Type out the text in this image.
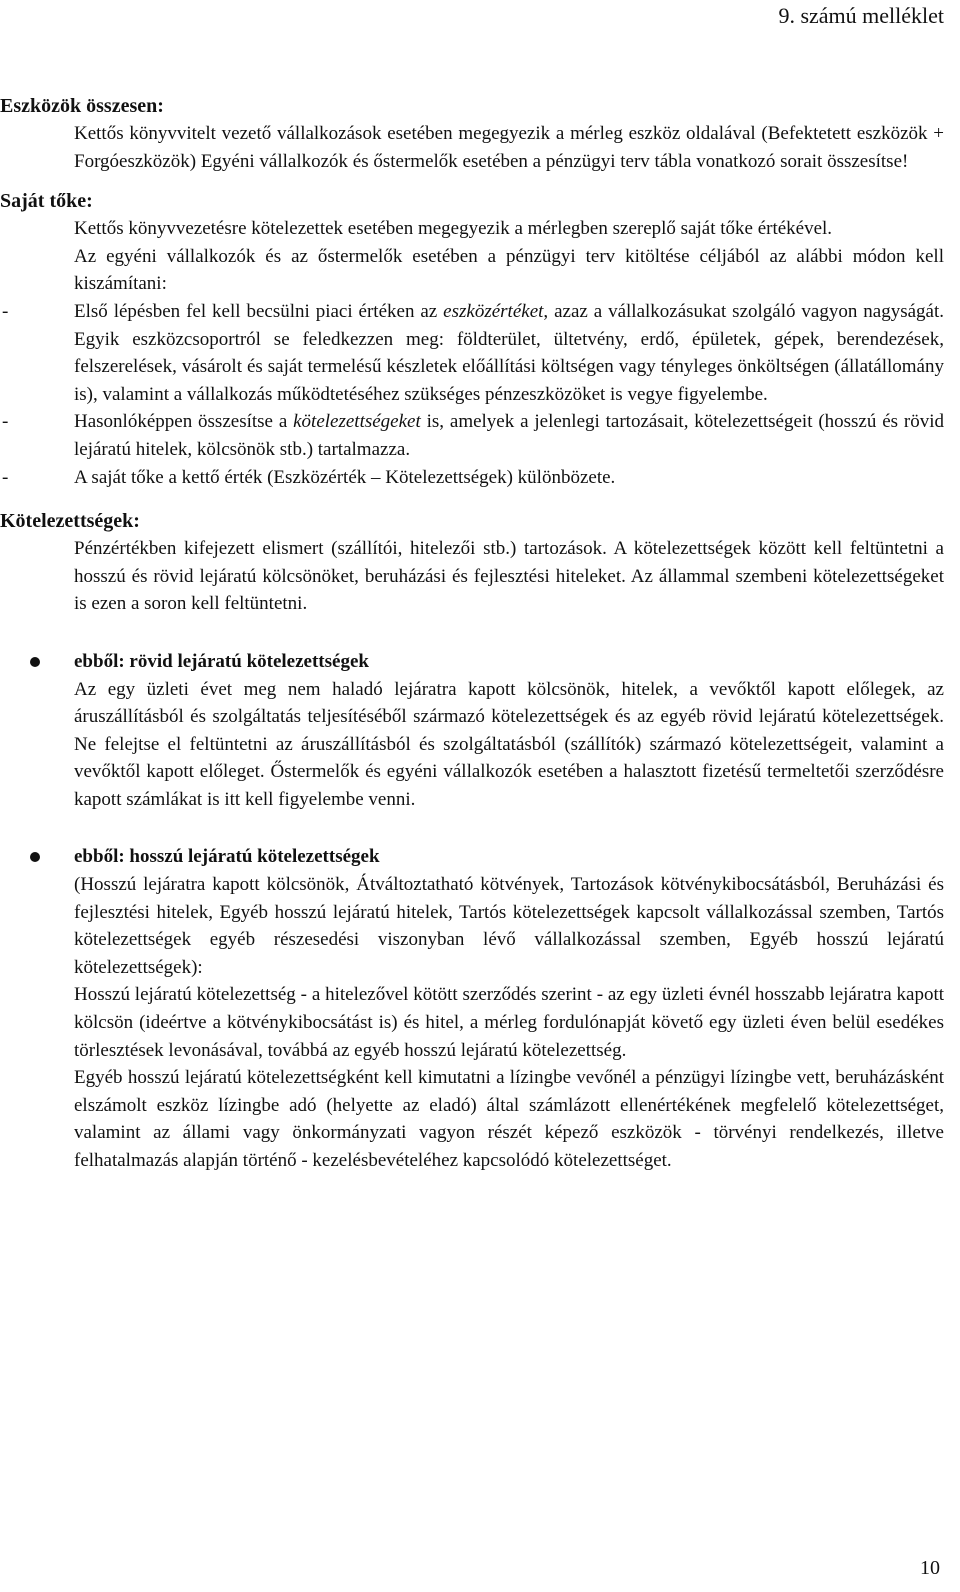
9. számú melléklet

Eszközök összesen:

Kettős könyvvitelt vezető vállalkozások esetében megegyezik a mérleg eszköz oldalával (Befektetett eszközök + Forgóeszközök) Egyéni vállalkozók és őstermelők esetében a pénzügyi terv tábla vonatkozó sorait összesítse!

Saját tőke:

Kettős könyvvezetésre kötelezettek esetében megegyezik a mérlegben szereplő saját tőke értékével.

Az egyéni vállalkozók és az őstermelők esetében a pénzügyi terv kitöltése céljából az alábbi módon kell kiszámítani:

-	Első lépésben fel kell becsülni piaci értéken az eszközértéket, azaz a vállalkozásukat szolgáló vagyon nagyságát. Egyik eszközcsoportról se feledkezzen meg: földterület, ültetvény, erdő, épületek, gépek, berendezések, felszerelések, vásárolt és saját termelésű készletek előállítási költségen vagy tényleges önköltségen (állatállomány is), valamint a vállalkozás működtetéséhez szükséges pénzeszközöket is vegye figyelembe.
-	Hasonlóképpen összesítse a kötelezettségeket is, amelyek a jelenlegi tartozásait, kötelezettségeit (hosszú és rövid lejáratú hitelek, kölcsönök stb.) tartalmazza.
-	A saját tőke a kettő érték (Eszközérték – Kötelezettségek) különbözete.

Kötelezettségek:

Pénzértékben kifejezett elismert (szállítói, hitelezői stb.) tartozások. A kötelezettségek között kell feltüntetni a hosszú és rövid lejáratú kölcsönöket, beruházási és fejlesztési hiteleket. Az állammal szembeni kötelezettségeket is ezen a soron kell feltüntetni.

ebből: rövid lejáratú kötelezettségek
Az egy üzleti évet meg nem haladó lejáratra kapott kölcsönök, hitelek, a vevőktől kapott előlegek, az áruszállításból és szolgáltatás teljesítéséből származó kötelezettségek és az egyéb rövid lejáratú kötelezettségek. Ne felejtse el feltüntetni az áruszállításból és szolgáltatásból (szállítók) származó kötelezettségeit, valamint a vevőktől kapott előleget. Őstermelők és egyéni vállalkozók esetében a halasztott fizetésű termeltetői szerződésre kapott számlákat is itt kell figyelembe venni.
ebből: hosszú lejáratú kötelezettségek
(Hosszú lejáratra kapott kölcsönök, Átváltoztatható kötvények, Tartozások kötvénykibocsátásból, Beruházási és fejlesztési hitelek, Egyéb hosszú lejáratú hitelek, Tartós kötelezettségek kapcsolt vállalkozással szemben, Tartós kötelezettségek egyéb részesedési viszonyban lévő vállalkozással szemben, Egyéb hosszú lejáratú kötelezettségek):
Hosszú lejáratú kötelezettség - a hitelezővel kötött szerződés szerint - az egy üzleti évnél hosszabb lejáratra kapott kölcsön (ideértve a kötvénykibocsátást is) és hitel, a mérleg fordulónapját követő egy üzleti éven belül esedékes törlesztések levonásával, továbbá az egyéb hosszú lejáratú kötelezettség.
Egyéb hosszú lejáratú kötelezettségként kell kimutatni a lízingbe vevőnél a pénzügyi lízingbe vett, beruházásként elszámolt eszköz lízingbe adó (helyette az eladó) által számlázott ellenértékének megfelelő kötelezettséget, valamint az állami vagy önkormányzati vagyon részét képező eszközök - törvényi rendelkezés, illetve felhatalmazás alapján történő - kezelésbevételéhez kapcsolódó kötelezettséget.
10
